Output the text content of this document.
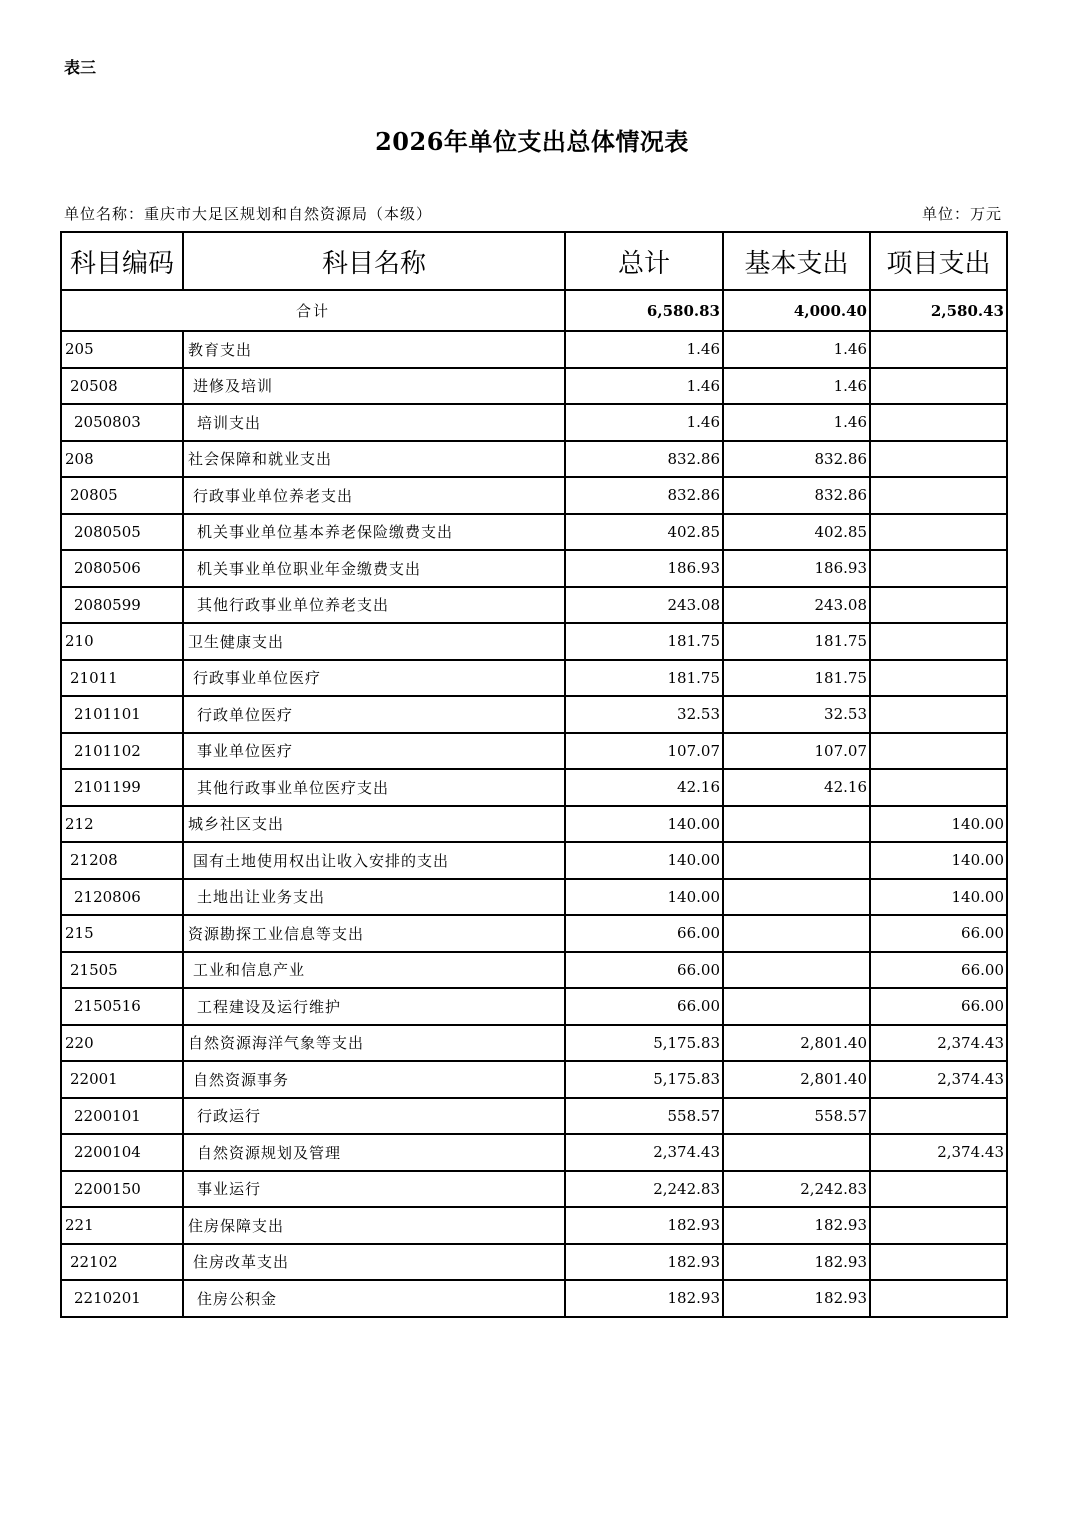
表三
2026年单位支出总体情况表
单位名称：重庆市大足区规划和自然资源局（本级）	单位：万元
科目编码	科目名称	总计	基本支出	项目支出
合计		6,580.83	4,000.40	2,580.43
205	教育支出	1.46	1.46	
20508	进修及培训	1.46	1.46	
2050803	培训支出	1.46	1.46	
208	社会保障和就业支出	832.86	832.86	
20805	行政事业单位养老支出	832.86	832.86	
2080505	机关事业单位基本养老保险缴费支出	402.85	402.85	
2080506	机关事业单位职业年金缴费支出	186.93	186.93	
2080599	其他行政事业单位养老支出	243.08	243.08	
210	卫生健康支出	181.75	181.75	
21011	行政事业单位医疗	181.75	181.75	
2101101	行政单位医疗	32.53	32.53	
2101102	事业单位医疗	107.07	107.07	
2101199	其他行政事业单位医疗支出	42.16	42.16	
212	城乡社区支出	140.00		140.00
21208	国有土地使用权出让收入安排的支出	140.00		140.00
2120806	土地出让业务支出	140.00		140.00
215	资源勘探工业信息等支出	66.00		66.00
21505	工业和信息产业	66.00		66.00
2150516	工程建设及运行维护	66.00		66.00
220	自然资源海洋气象等支出	5,175.83	2,801.40	2,374.43
22001	自然资源事务	5,175.83	2,801.40	2,374.43
2200101	行政运行	558.57	558.57	
2200104	自然资源规划及管理	2,374.43		2,374.43
2200150	事业运行	2,242.83	2,242.83	
221	住房保障支出	182.93	182.93	
22102	住房改革支出	182.93	182.93	
2210201	住房公积金	182.93	182.93	
